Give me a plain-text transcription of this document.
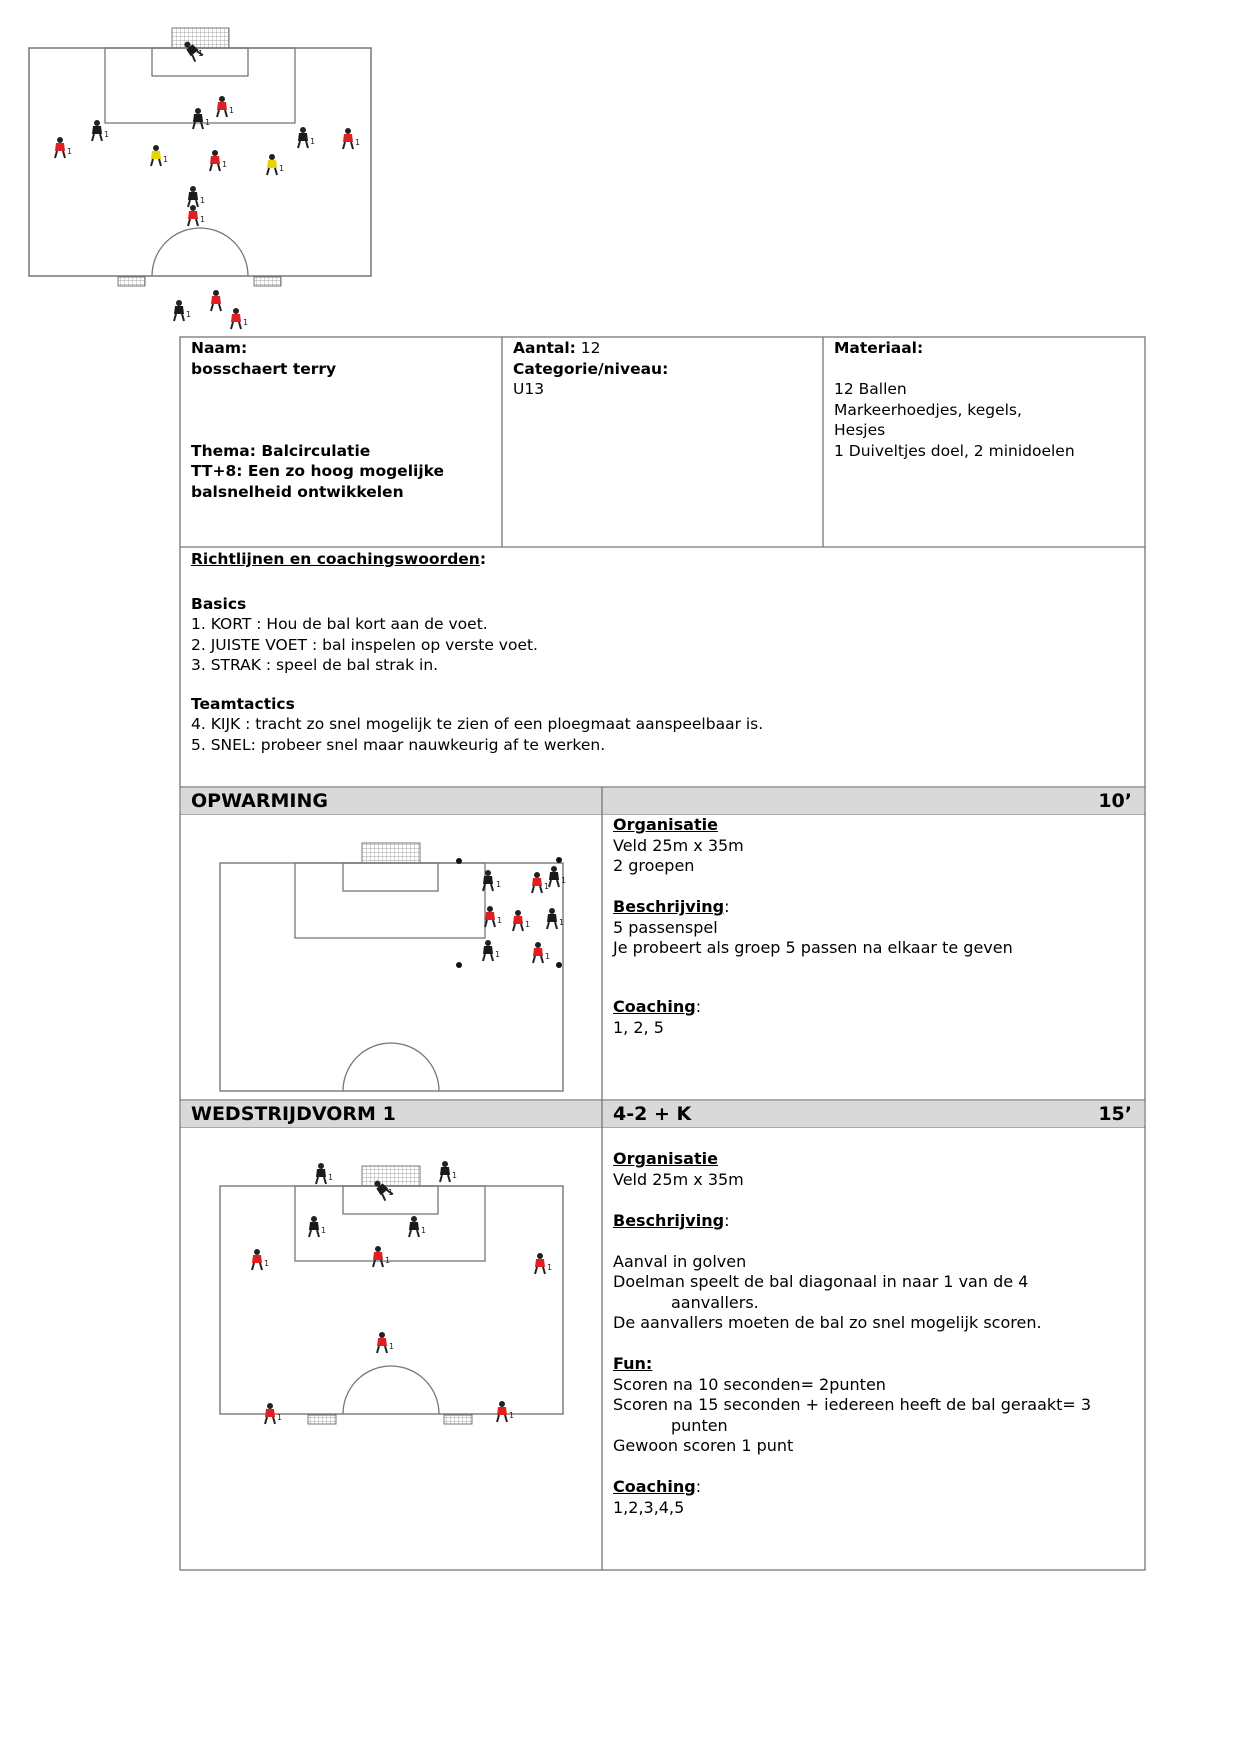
1
1
1
1
1
1
1	1
1	1
1
1
1
1
OPWARMING	10’
WEDSTRIJDVORM 1	4-2 + K	15’
Naam:
bosschaert terry
Thema: Balcirculatie
TT+8: Een zo hoog mogelijke
balsnelheid ontwikkelen
Aantal: 12
Categorie/niveau:
U13
Materiaal:
12 Ballen
Markeerhoedjes, kegels,
Hesjes
1 Duiveltjes doel, 2 minidoelen
Richtlijnen en coachingswoorden:
Basics
1. KORT : Hou de bal kort aan de voet.
2. JUISTE VOET : bal inspelen op verste voet.
3. STRAK : speel de bal strak in.
Teamtactics
4. KIJK : tracht zo snel mogelijk te zien of een ploegmaat aanspeelbaar is.
5. SNEL: probeer snel maar nauwkeurig af te werken.
Organisatie
Veld 25m x 35m
2 groepen
Beschrijving:
5 passenspel
Je probeert als groep 5 passen na elkaar te geven
Coaching:
1, 2, 5
Organisatie
Veld 25m x 35m
Beschrijving:
Aanval in golven
Doelman speelt de bal diagonaal in naar 1 van de 4
aanvallers.
De aanvallers moeten de bal zo snel mogelijk scoren.
Fun:
Scoren na 10 seconden= 2punten
Scoren na 15 seconden + iedereen heeft de bal geraakt= 3
punten
Gewoon scoren 1 punt
Coaching:
1,2,3,4,5
1	1
1
1	1	1
1	1
1
1	1
1	1
1	1
1
1
1	1
